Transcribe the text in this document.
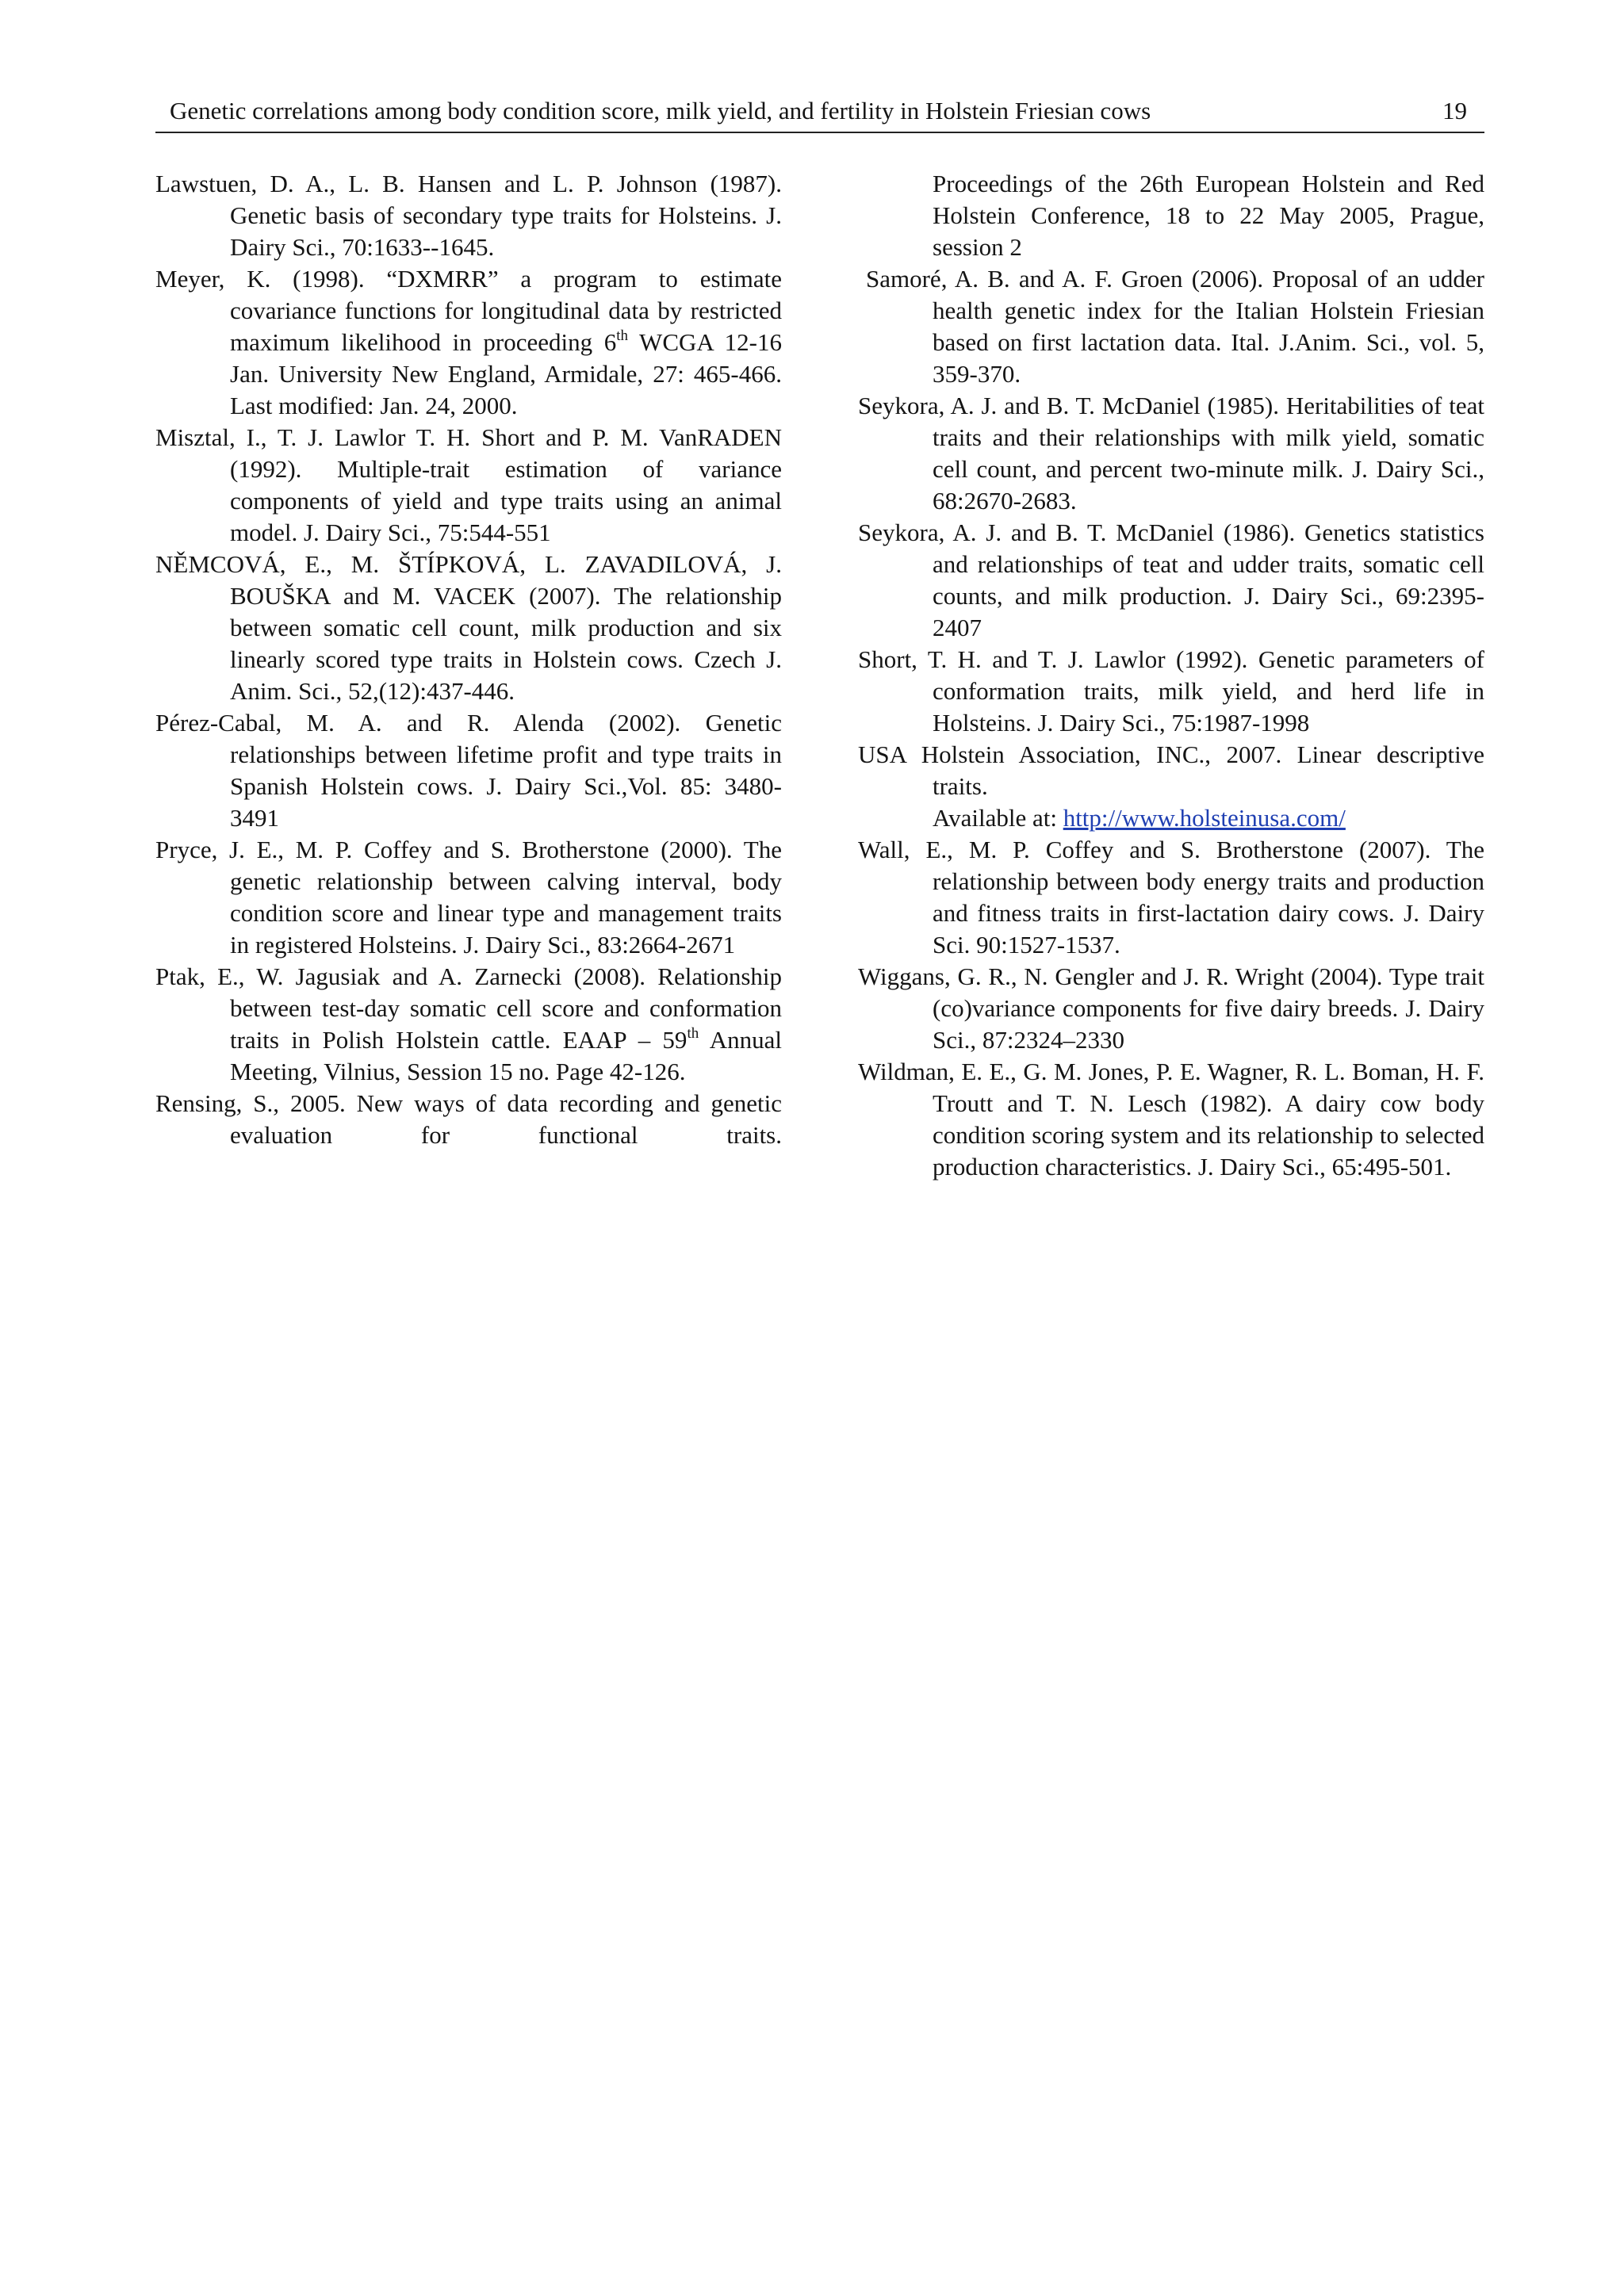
Genetic correlations among body condition score, milk yield, and fertility in Holstein Friesian cows	19

Lawstuen, D. A., L. B. Hansen and L. P. Johnson (1987). Genetic basis of secondary type traits for Holsteins. J. Dairy Sci., 70:1633--1645.

Meyer, K. (1998). “DXMRR” a program to estimate covariance functions for longitudinal data by restricted maximum likelihood in proceeding 6th WCGA 12-16 Jan. University New England, Armidale, 27: 465-466. Last modified: Jan. 24, 2000.

Misztal, I., T. J. Lawlor T. H. Short and P. M. VanRADEN (1992). Multiple-trait estimation of variance components of yield and type traits using an animal model. J. Dairy Sci., 75:544-551

NĚMCOVÁ, E., M. ŠTÍPKOVÁ, L. ZAVADILOVÁ, J. BOUŠKA and M. VACEK (2007). The relationship between somatic cell count, milk production and six linearly scored type traits in Holstein cows. Czech J. Anim. Sci., 52,(12):437-446.

Pérez-Cabal, M. A. and R. Alenda (2002). Genetic relationships between lifetime profit and type traits in Spanish Holstein cows. J. Dairy Sci.,Vol. 85: 3480-3491

Pryce, J. E., M. P. Coffey and S. Brotherstone (2000). The genetic relationship between calving interval, body condition score and linear type and management traits in registered Holsteins. J. Dairy Sci., 83:2664-2671

Ptak, E., W. Jagusiak and A. Zarnecki (2008). Relationship between test-day somatic cell score and conformation traits in Polish Holstein cattle. EAAP – 59th Annual Meeting, Vilnius, Session 15 no. Page 42-126.

Rensing, S., 2005. New ways of data recording and genetic evaluation for functional traits.

Proceedings of the 26th European Holstein and Red Holstein Conference, 18 to 22 May 2005, Prague, session 2

Samoré, A. B. and A. F. Groen (2006). Proposal of an udder health genetic index for the Italian Holstein Friesian based on first lactation data. Ital. J.Anim. Sci., vol. 5, 359-370.

Seykora, A. J. and B. T. McDaniel (1985). Heritabilities of teat traits and their relationships with milk yield, somatic cell count, and percent two-minute milk. J. Dairy Sci., 68:2670-2683.

Seykora, A. J. and B. T. McDaniel (1986). Genetics statistics and relationships of teat and udder traits, somatic cell counts, and milk production. J. Dairy Sci., 69:2395-2407

Short, T. H. and T. J. Lawlor (1992). Genetic parameters of conformation traits, milk yield, and herd life in Holsteins. J. Dairy Sci., 75:1987-1998

USA Holstein Association, INC., 2007. Linear descriptive traits.

Available at: http://www.holsteinusa.com/

Wall, E., M. P. Coffey and S. Brotherstone (2007). The relationship between body energy traits and production and fitness traits in first-lactation dairy cows. J. Dairy Sci. 90:1527-1537.

Wiggans, G. R., N. Gengler and J. R. Wright (2004). Type trait (co)variance components for five dairy breeds. J. Dairy Sci., 87:2324–2330

Wildman, E. E., G. M. Jones, P. E. Wagner, R. L. Boman, H. F. Troutt and T. N. Lesch (1982). A dairy cow body condition scoring system and its relationship to selected production characteristics. J. Dairy Sci., 65:495-501.
